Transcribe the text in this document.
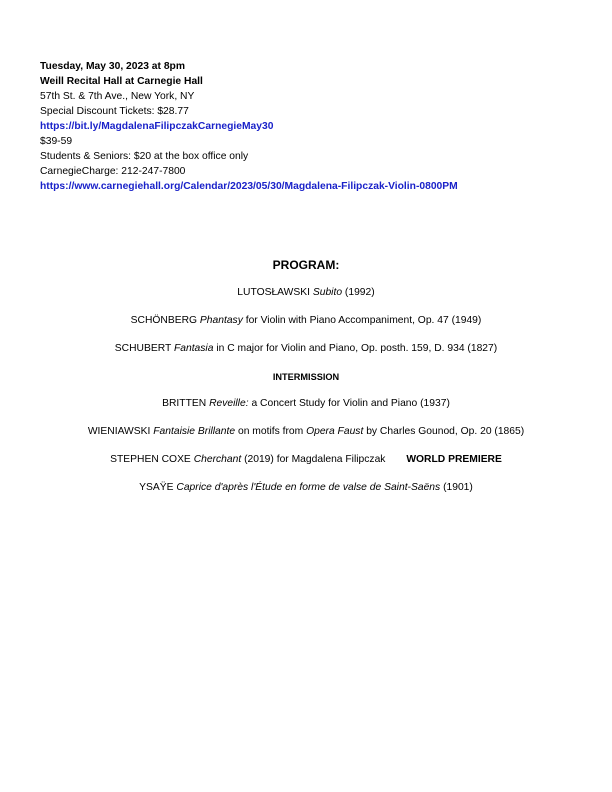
Tuesday, May 30, 2023 at 8pm
Weill Recital Hall at Carnegie Hall
57th St. & 7th Ave., New York, NY
Special Discount Tickets: $28.77
https://bit.ly/MagdalenaFilipczakCarnegieMay30
$39-59
Students & Seniors: $20 at the box office only
CarnegieCharge: 212-247-7800
https://www.carnegiehall.org/Calendar/2023/05/30/Magdalena-Filipczak-Violin-0800PM
PROGRAM:
LUTOSŁAWSKI Subito (1992)
SCHÖNBERG Phantasy for Violin with Piano Accompaniment, Op. 47 (1949)
SCHUBERT Fantasia in C major for Violin and Piano, Op. posth. 159, D. 934 (1827)
INTERMISSION
BRITTEN Reveille: a Concert Study for Violin and Piano (1937)
WIENIAWSKI Fantaisie Brillante on motifs from Opera Faust by Charles Gounod, Op. 20 (1865)
STEPHEN COXE Cherchant (2019) for Magdalena Filipczak WORLD PREMIERE
YSAŸE Caprice d'après l'Étude en forme de valse de Saint-Saëns (1901)
